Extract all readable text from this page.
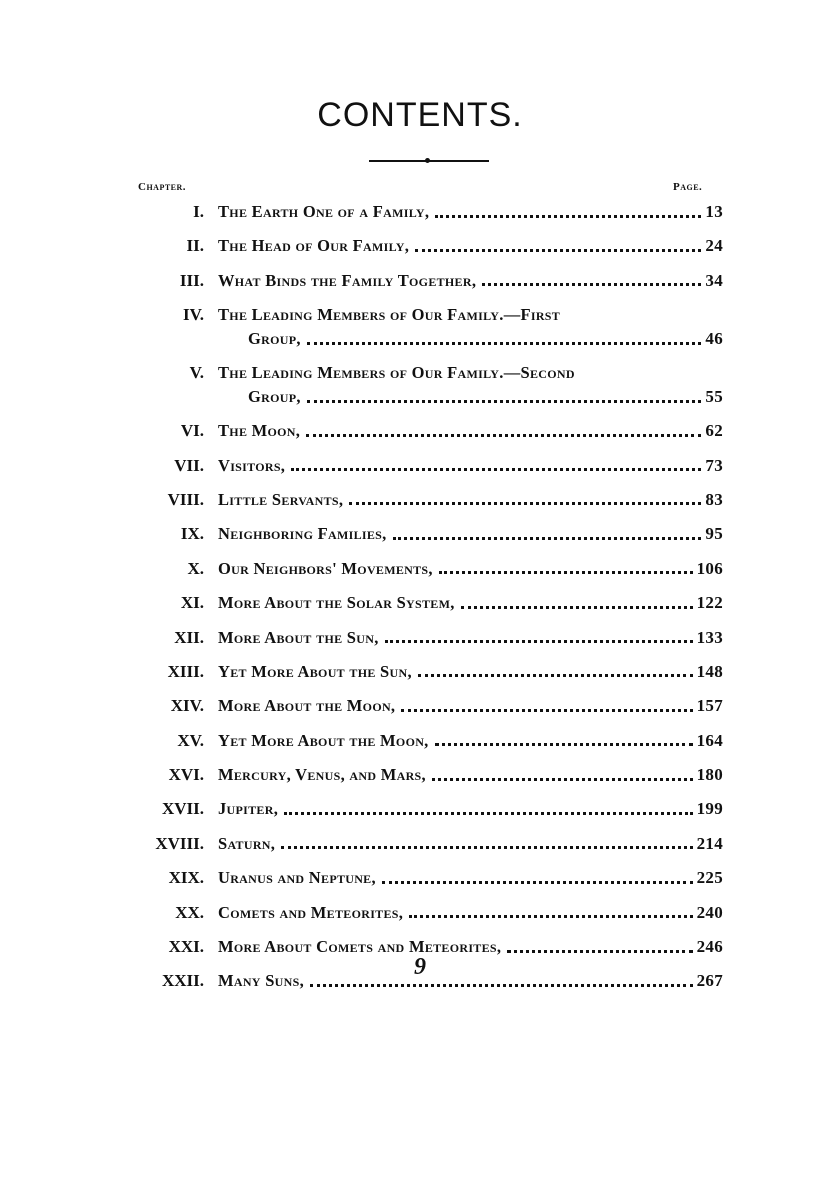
CONTENTS.
Chapter.	Page.
I. The Earth One of a Family,	13
II. The Head of Our Family,	24
III. What Binds the Family Together,	34
IV. The Leading Members of Our Family.—First
Group,	46
V. The Leading Members of Our Family.—Second
Group,	55
VI. The Moon,	62
VII. Visitors,	73
VIII. Little Servants,	83
IX. Neighboring Families,	95
X. Our Neighbors' Movements,	106
XI. More About the Solar System,	122
XII. More About the Sun,	133
XIII. Yet More About the Sun,	148
XIV. More About the Moon,	157
XV. Yet More About the Moon,	164
XVI. Mercury, Venus, and Mars,	180
XVII. Jupiter,	199
XVIII. Saturn,	214
XIX. Uranus and Neptune,	225
XX. Comets and Meteorites,	240
XXI. More About Comets and Meteorites,	246
XXII. Many Suns,	267
9
